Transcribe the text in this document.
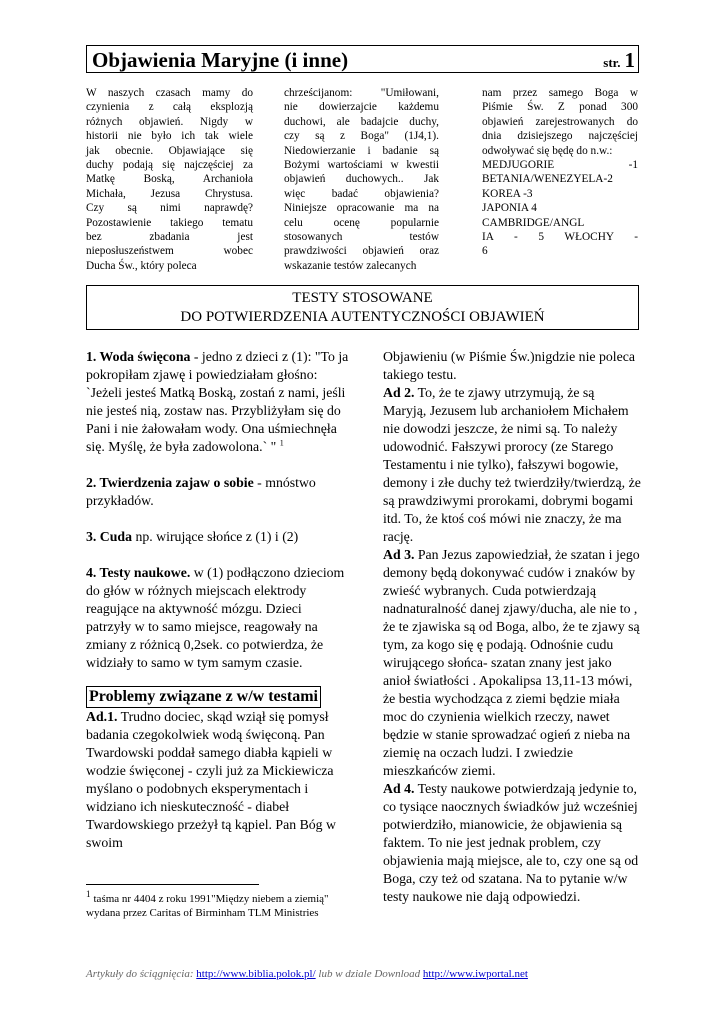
Objawienia Maryjne (i inne)	str. 1
W naszych czasach mamy do
czynienia z całą eksplozją
różnych objawień. Nigdy w
historii nie było ich tak wiele
jak obecnie. Objawiające się
duchy podają się najczęściej za
Matkę Boską, Archanioła
Michała, Jezusa Chrystusa.
Czy są nimi naprawdę?
Pozostawienie takiego tematu
bez zbadania jest
nieposłuszeństwem wobec
Ducha Św., który poleca
chrześcijanom: "Umiłowani,
nie dowierzajcie każdemu
duchowi, ale badajcie duchy,
czy są z Boga" (1J4,1).
Niedowierzanie i badanie są
Bożymi wartościami w kwestii
objawień duchowych.. Jak
więc badać objawienia?
Niniejsze opracowanie ma na
celu ocenę popularnie
stosowanych testów
prawdziwości objawień oraz
wskazanie testów zalecanych
nam przez samego Boga w
Piśmie Św. Z ponad 300
objawień zarejestrowanych do
dnia dzisiejszego najczęściej
odwoływać się będę do n.w.:
MEDJUGORIE -1
BETANIA/WENEZYELA-2
KOREA -3
JAPONIA 4
CAMBRIDGE/ANGL
IA - 5 WŁOCHY -
6
TESTY STOSOWANE
DO POTWIERDZENIA AUTENTYCZNOŚCI OBJAWIEŃ

1. Woda święcona - jedno z dzieci z (1): "To ja pokropiłam zjawę i powiedziałam głośno: `Jeżeli jesteś Matką Boską, zostań z nami, jeśli nie jesteś nią, zostaw nas. Przybliżyłam się do Pani i nie żałowałam wody. Ona uśmiechnęła się. Myślę, że była zadowolona.` " $^1$

2. Twierdzenia zajaw o sobie - mnóstwo przykładów.

3. Cuda np. wirujące słońce z (1) i (2)

4. Testy naukowe. w (1) podłączono dzieciom do głów w różnych miejscach elektrody reagujące na aktywność mózgu. Dzieci patrzyły w to samo miejsce, reagowały na zmiany z różnicą 0,2sek. co potwierdza, że widziały to samo w tym samym czasie.

Problemy związane z w/w testami

Ad.1. Trudno dociec, skąd wziął się pomysł badania czegokolwiek wodą święconą. Pan Twardowski poddał samego diabła kąpieli w wodzie święconej - czyli już za Mickiewicza myślano o podobnych eksperymentach i widziano ich nieskuteczność - diabeł Twardowskiego przeżył tą kąpiel. Pan Bóg w swoim

Objawieniu (w Piśmie Św.)nigdzie nie poleca takiego testu.

Ad 2. To, że te zjawy utrzymują, że są Maryją, Jezusem lub archaniołem Michałem nie dowodzi jeszcze, że nimi są. To należy udowodnić. Fałszywi prorocy (ze Starego Testamentu i nie tylko), fałszywi bogowie, demony i złe duchy też twierdziły/twierdzą, że są prawdziwymi prorokami, dobrymi bogami itd. To, że ktoś coś mówi nie znaczy, że ma rację.

Ad 3. Pan Jezus zapowiedział, że szatan i jego demony będą dokonywać cudów i znaków by zwieść wybranych. Cuda potwierdzają nadnaturalność danej zjawy/ducha, ale nie to , że te zjawiska są od Boga, albo, że te zjawy są tym, za kogo się ę podają. Odnośnie cudu wirującego słońca- szatan znany jest jako anioł światłości . Apokalipsa 13,11-13 mówi, że bestia wychodząca z ziemi będzie miała moc do czynienia wielkich rzeczy, nawet będzie w stanie sprowadzać ogień z nieba na ziemię na oczach ludzi. I zwiedzie mieszkańców ziemi.

Ad 4. Testy naukowe potwierdzają jedynie to, co tysiące naocznych świadków już wcześniej potwierdziło, mianowicie, że objawienia są faktem. To nie jest jednak problem, czy objawienia mają miejsce, ale to, czy one są od Boga, czy też od szatana. Na to pytanie w/w testy naukowe nie dają odpowiedzi.

$^1$ taśma nr 4404 z roku 1991"Między niebem a ziemią" wydana przez Caritas of Birminham TLM Ministries
Artykuły do ściągnięcia: http://www.biblia.polok.pl/ lub w dziale Download http://www.iwportal.net
